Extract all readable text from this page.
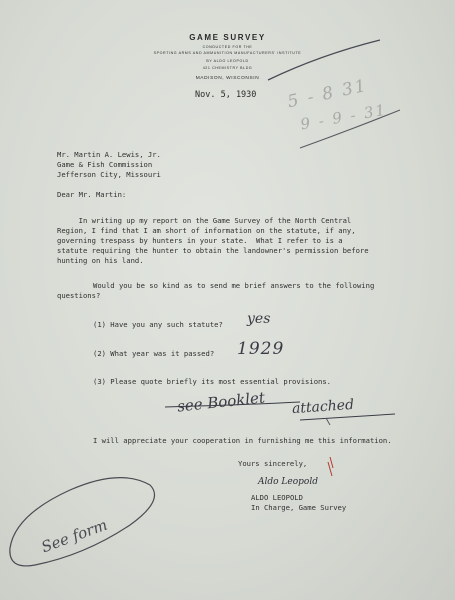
GAME SURVEY
CONDUCTED FOR THE
SPORTING ARMS AND AMMUNITION MANUFACTURERS' INSTITUTE
BY ALDO LEOPOLD
421 CHEMISTRY BLDG
MADISON, WISCONSIN
Nov. 5, 1930 5 - 8 31
9 - 9 - 31
Mr. Martin A. Lewis, Jr.
Game & Fish Commission
Jefferson City, Missouri
Dear Mr. Martin:
In writing up my report on the Game Survey of the North Central
Region, I find that I am short of information on the statute, if any,
governing trespass by hunters in your state.  What I refer to is a
statute requiring the hunter to obtain the landowner's permission before
hunting on his land.
Would you be so kind as to send me brief answers to the following
questions?
(1) Have you any such statute?
(2) What year was it passed?
(3) Please quote briefly its most essential provisions.
yes
1929
see Booklet attached
I will appreciate your cooperation in furnishing me this information.
Yours sincerely,
Aldo Leopold
ALDO LEOPOLD
In Charge, Game Survey
See form
